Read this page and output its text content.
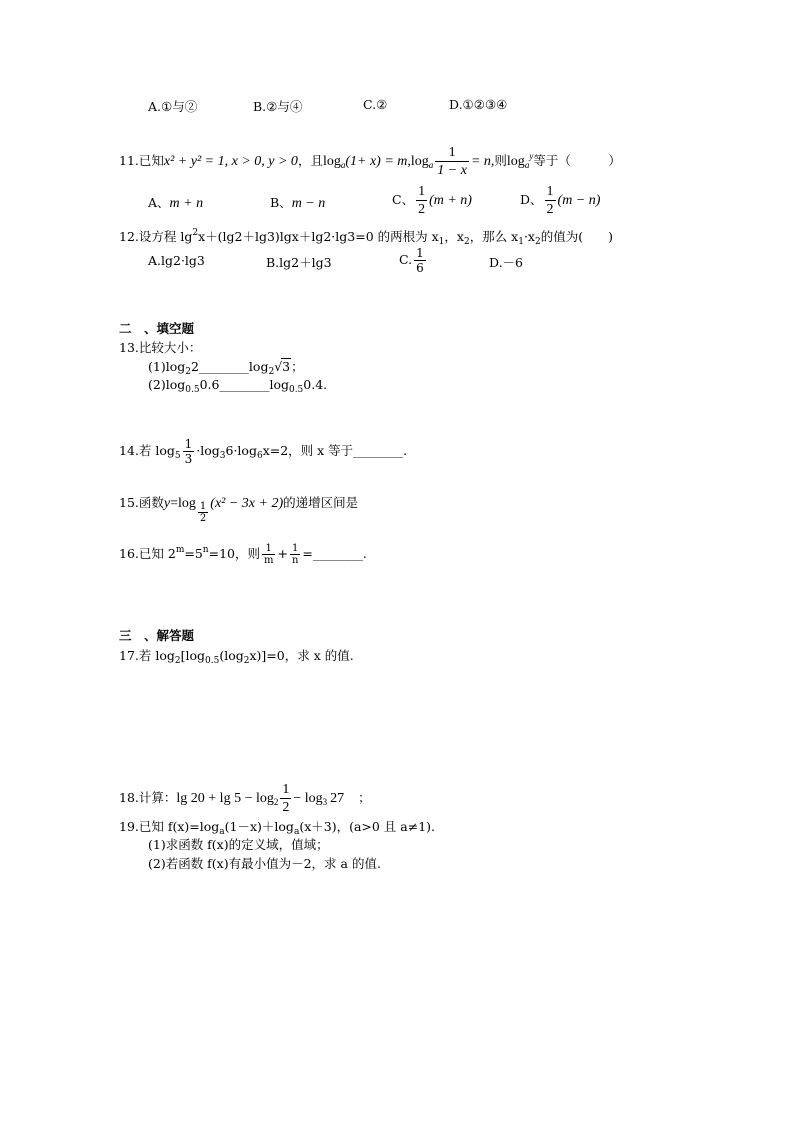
A.①与②	B.②与④	C.②	D.①②③④
11.已知x² + y² = 1, x > 0, y > 0，且$\log_a(1+ x) = m,\log_a \frac{1}{1 - x} = n$,则$\log_a^y$等于（　　　）
A、m + n	B、m − n	C、 $\frac{1}{2} (m + n)$	D、 $\frac{1}{2} (m - n)$
12.设方程 $\lg^2x+(\lg 2+\lg 3)\lg x+\lg 2\cdot\lg 3=0$ 的两根为 $x_1$，$x_2$，那么 $x_1\cdot x_2$的值为(　　)
A.lg2·lg3	B.lg2＋lg3	C. $\frac{1}{6}$	D.－6
二　、填空题
13.比较大小：
$(1)\log_22\_\_\_\_\_\_\_\_\log_2√3$；
$(2)\log_{0.5}0.6\_\_\_\_\_\_\_\_\log_{0.5}0.4$.
14.若 $\log_5 \frac{1}{3} \cdot\log_36\cdot\log_6x=2$，则 x 等于________.
15.函数$y=\log \frac{1}{2} (x^2 - 3x + 2)$的递增区间是
16.已知 $2^m=5^n=10$，则 $\frac{1}{m} + \frac{1}{n}$ =________.
三　、解答题
17.若 $\log_2[\log_{0.5}(\log_2x)]=0$，求 x 的值.
18.计算：$\lg 20 + \lg 5 - \log_2 \frac{1}{2} - \log_3 27$ ；
19.已知 $f(x)=\log_a(1-x)+\log_a(x+3)$，(a>0 且 a≠1).
(1)求函数 f(x)的定义域，值域；
(2)若函数 f(x)有最小值为－2，求 a 的值.
